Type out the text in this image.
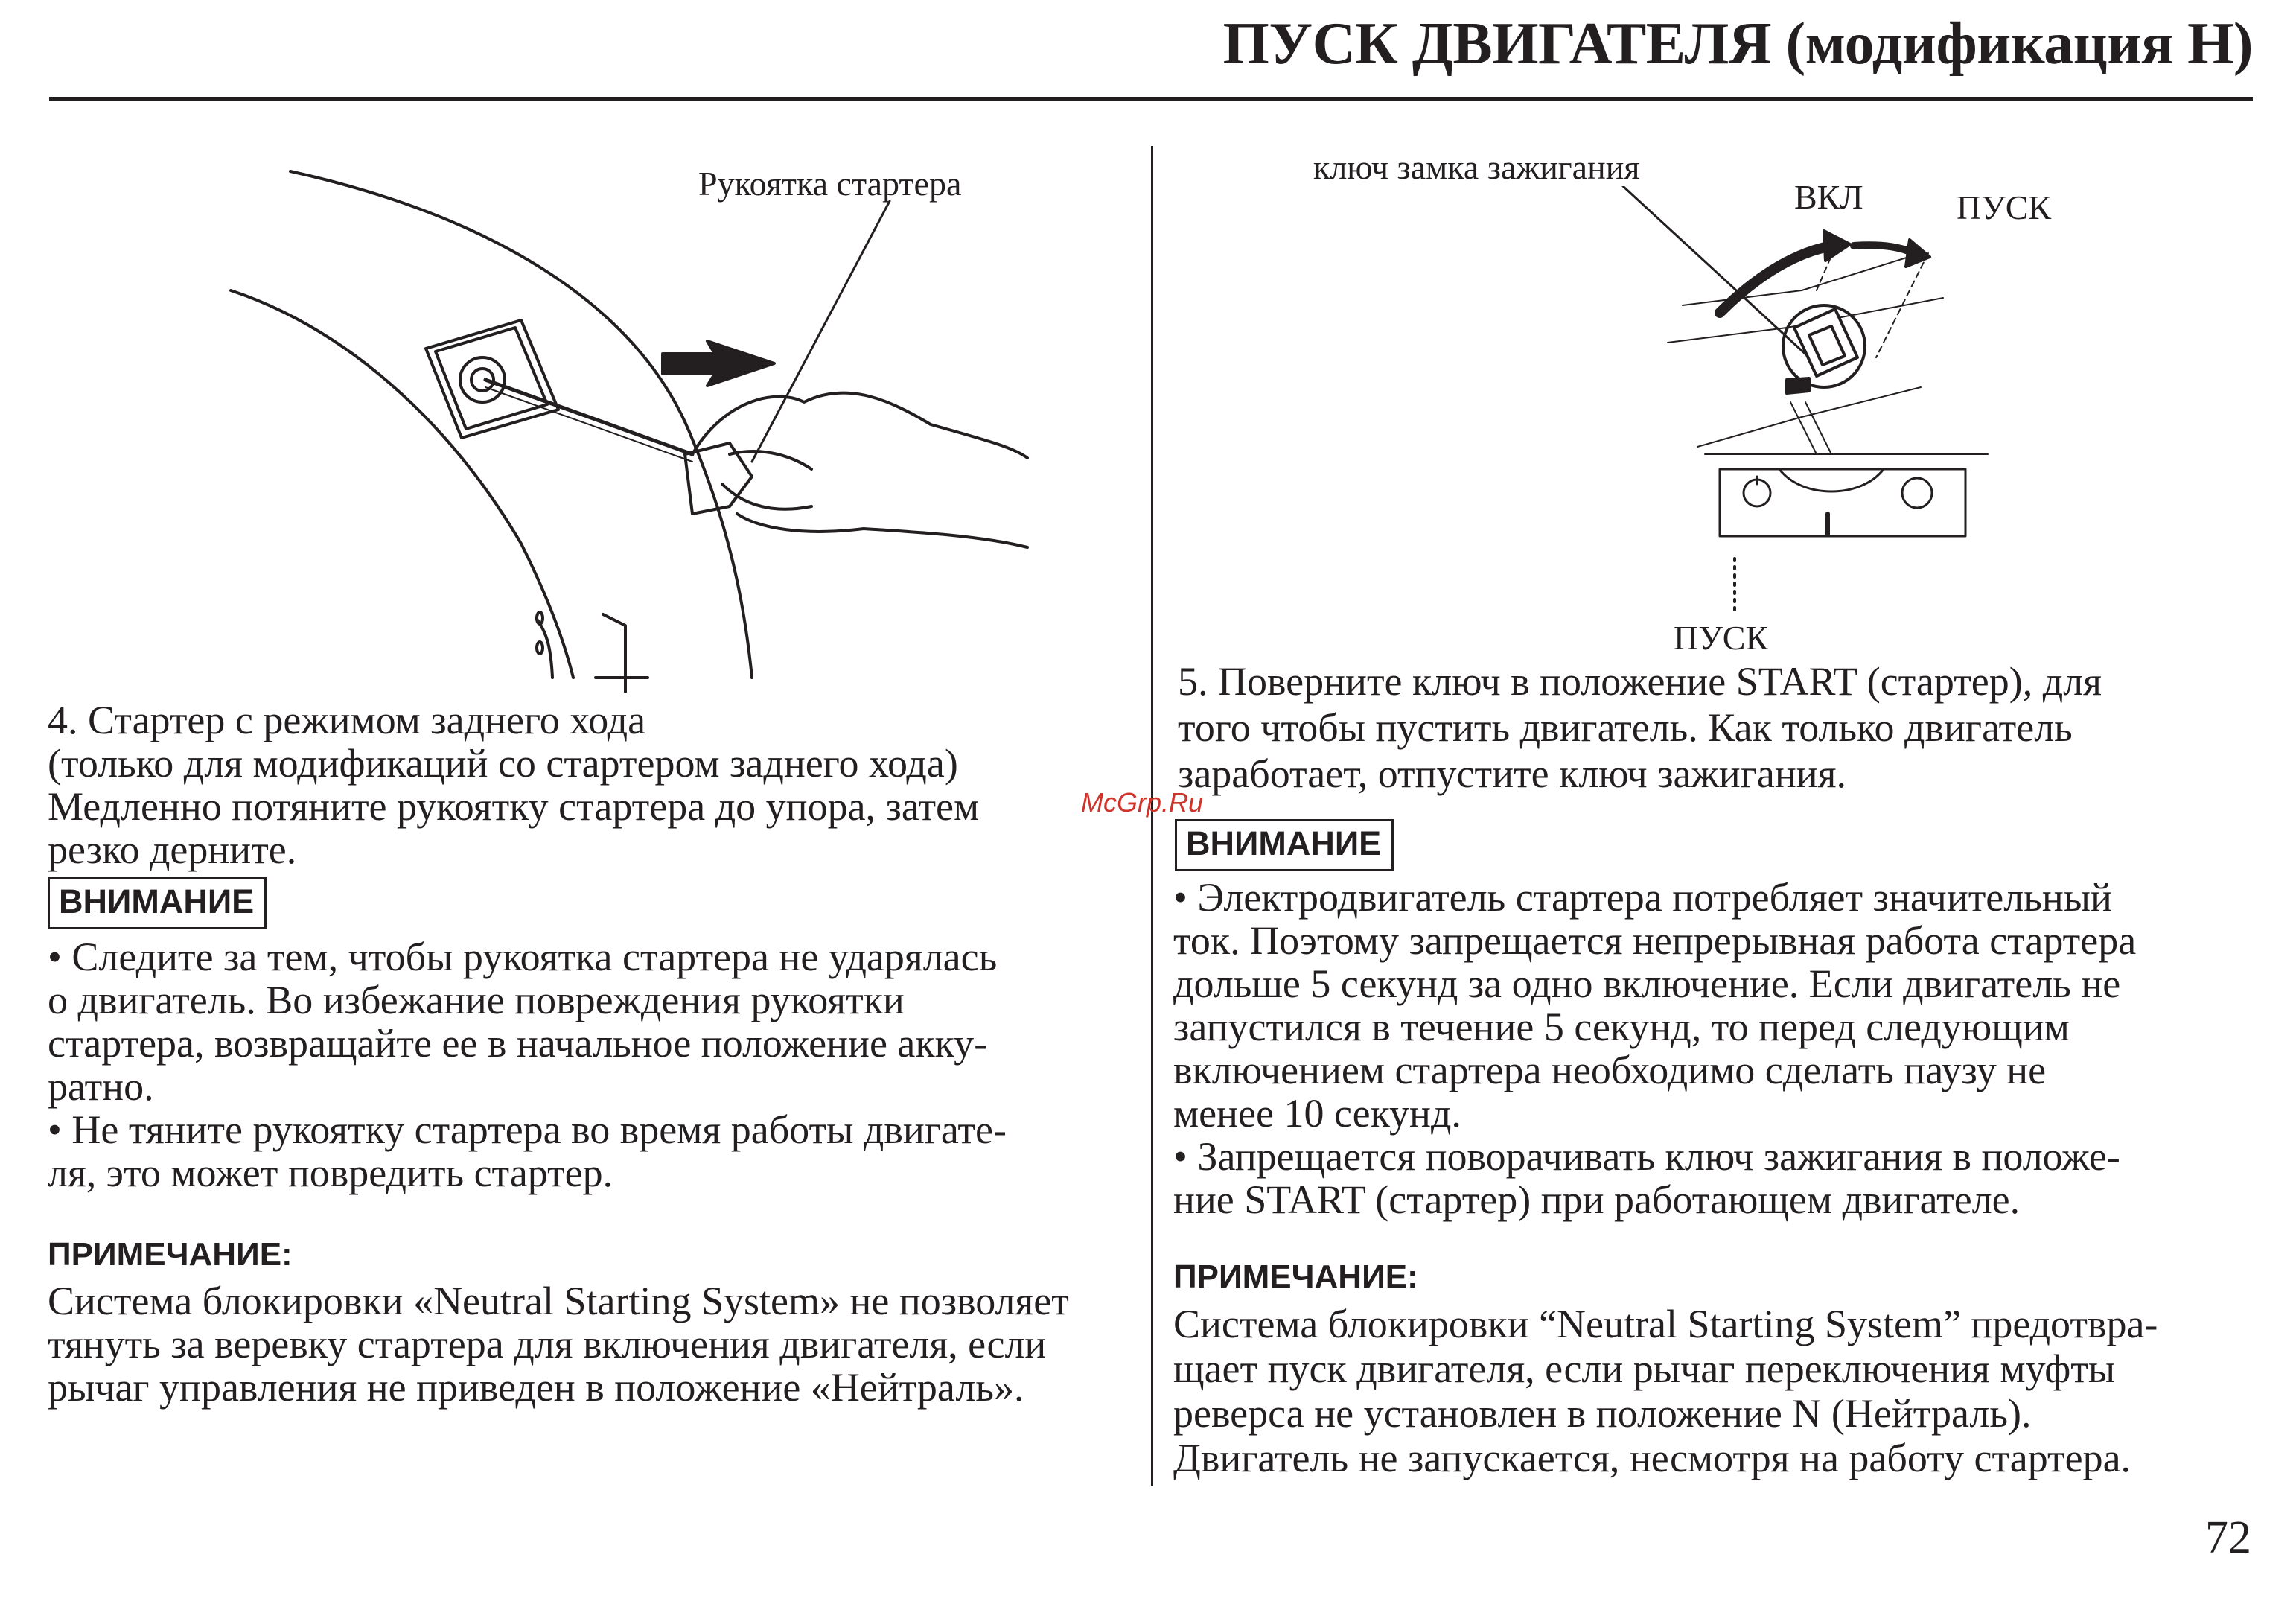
ПУСК ДВИГАТЕЛЯ (модификация H)
Рукоятка стартера

4. Стартер с режимом заднего хода

(только для модификаций со стартером заднего хода)

Медленно потяните рукоятку стартера до упора, затем

резко дерните.

ВНИМАНИЕ

• Следите за тем, чтобы рукоятка стартера не ударялась

о двигатель. Во избежание повреждения рукоятки

стартера, возвращайте ее в начальное положение акку-

ратно.

• Не тяните рукоятку стартера во время работы двигате-

ля, это может повредить стартер.

ПРИМЕЧАНИЕ:

Система блокировки «Neutral Starting System» не позволяет

тянуть за веревку стартера для включения двигателя, если

рычаг управления не приведен в положение «Нейтраль».

ключ замка зажигания
ВКЛ	ПУСК
ПУСК

5. Поверните ключ в положение START (стартер), для

того чтобы пустить двигатель. Как только двигатель

заработает, отпустите ключ зажигания.

ВНИМАНИЕ

• Электродвигатель стартера потребляет значительный

ток. Поэтому запрещается непрерывная работа стартера

дольше 5 секунд за одно включение. Если двигатель не

запустился в течение 5 секунд, то перед следующим

включением стартера необходимо сделать паузу не

менее 10 секунд.

• Запрещается поворачивать ключ зажигания в положе-

ние START (стартер) при работающем двигателе.

ПРИМЕЧАНИЕ:

Система блокировки “Neutral Starting System” предотвра-

щает пуск двигателя, если рычаг переключения муфты

реверса не установлен в положение N (Нейтраль).

Двигатель не запускается, несмотря на работу стартера.

McGrp.Ru
72
